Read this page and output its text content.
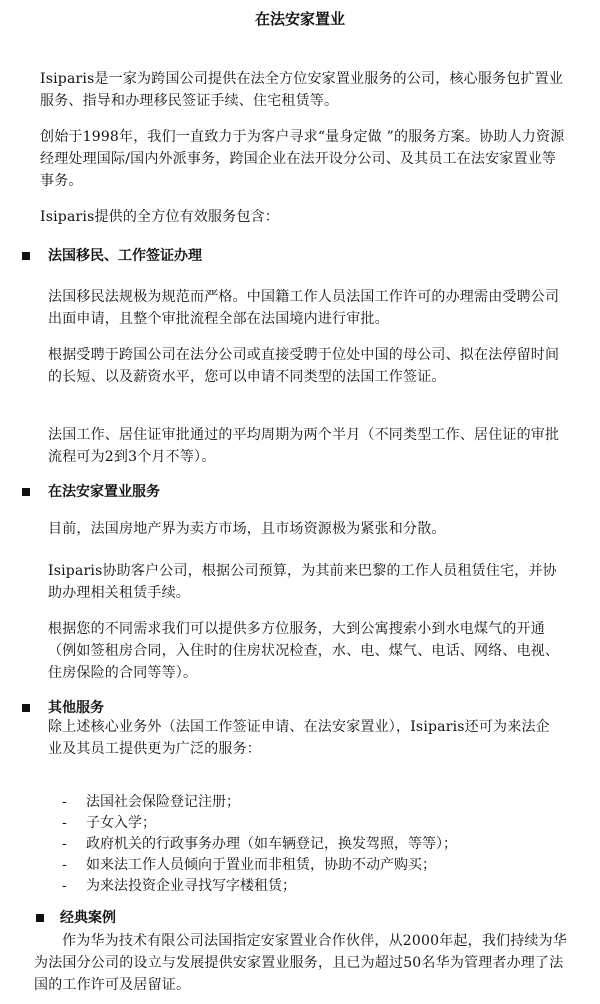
在法安家置业

Isiparis是一家为跨国公司提供在法全方位安家置业服务的公司，核心服务包扩置业服务、指导和办理移民签证手续、住宅租赁等。

创始于1998年，我们一直致力于为客户寻求“量身定做 ”的服务方案。协助人力资源经理处理国际/国内外派事务，跨国企业在法开设分公司、及其员工在法安家置业等事务。

Isiparis提供的全方位有效服务包含：

法国移民、工作签证办理

法国移民法规极为规范而严格。中国籍工作人员法国工作许可的办理需由受聘公司出面申请，且整个审批流程全部在法国境内进行审批。

根据受聘于跨国公司在法分公司或直接受聘于位处中国的母公司、拟在法停留时间的长短、以及薪资水平，您可以申请不同类型的法国工作签证。

法国工作、居住证审批通过的平均周期为两个半月（不同类型工作、居住证的审批流程可为2到3个月不等）。

在法安家置业服务

目前，法国房地产界为卖方市场，且市场资源极为紧张和分散。

Isiparis协助客户公司，根据公司预算，为其前来巴黎的工作人员租赁住宅，并协助办理相关租赁手续。

根据您的不同需求我们可以提供多方位服务，大到公寓搜索小到水电煤气的开通（例如签租房合同，入住时的住房状况检查，水、电、煤气、电话、网络、电视、住房保险的合同等等）。

其他服务

除上述核心业务外（法国工作签证申请、在法安家置业），Isiparis还可为来法企业及其员工提供更为广泛的服务：

- 法国社会保险登记注册；
- 子女入学；
- 政府机关的行政事务办理（如车辆登记，换发驾照，等等）；
- 如来法工作人员倾向于置业而非租赁，协助不动产购买；
- 为来法投资企业寻找写字楼租赁；
经典案例

作为华为技术有限公司法国指定安家置业合作伙伴，从2000年起，我们持续为华为法国分公司的设立与发展提供安家置业服务，且已为超过50名华为管理者办理了法国的工作许可及居留证。
